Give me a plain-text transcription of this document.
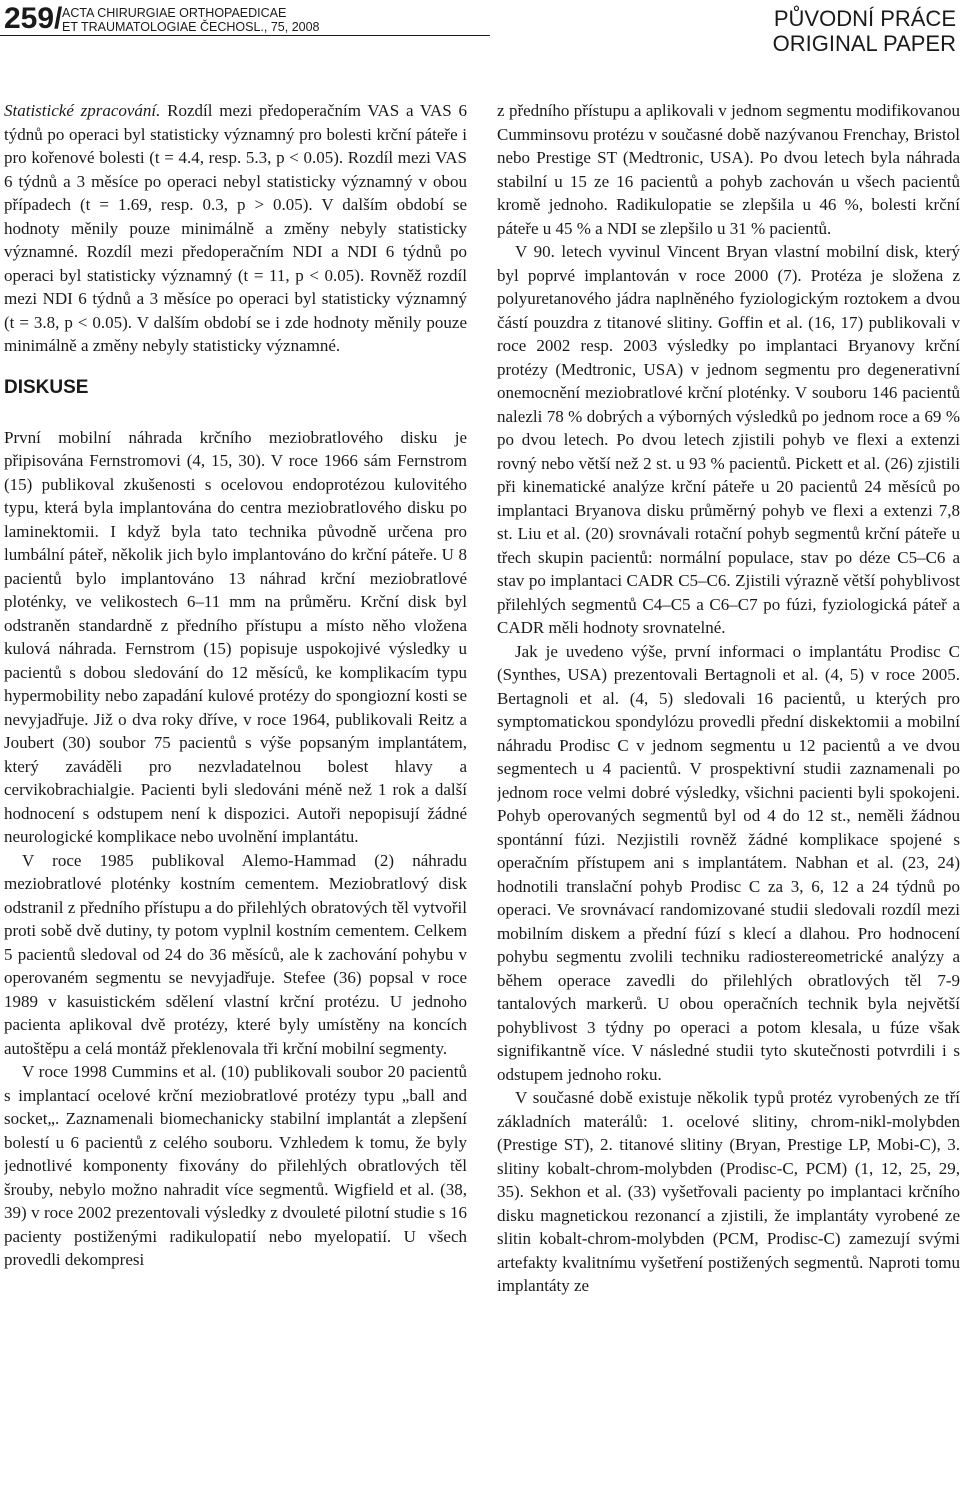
259/ ACTA CHIRURGIAE ORTHOPAEDICAE
ET TRAUMATOLOGIAE ČECHOSL., 75, 2008	PŮVODNÍ PRÁCE
ORIGINAL PAPER

Statistické zpracování. Rozdíl mezi předoperačním VAS a VAS 6 týdnů po operaci byl statisticky významný pro bolesti krční páteře i pro kořenové bolesti (t = 4.4, resp. 5.3, p < 0.05). Rozdíl mezi VAS 6 týdnů a 3 měsíce po operaci nebyl statisticky významný v obou případech (t = 1.69, resp. 0.3, p > 0.05). V dalším období se hodnoty měnily pouze minimálně a změny nebyly statisticky významné. Rozdíl mezi předoperačním NDI a NDI 6 týdnů po operaci byl statisticky významný (t = 11, p < 0.05). Rovněž rozdíl mezi NDI 6 týdnů a 3 měsíce po operaci byl statisticky významný (t = 3.8, p < 0.05). V dalším období se i zde hodnoty měnily pouze minimálně a změny nebyly statisticky významné.

DISKUSE

První mobilní náhrada krčního meziobratlového disku je připisována Fernstromovi (4, 15, 30). V roce 1966 sám Fernstrom (15) publikoval zkušenosti s ocelovou endoprotézou kulovitého typu, která byla implantována do centra meziobratlového disku po laminektomii. I když byla tato technika původně určena pro lumbální páteř, několik jich bylo implantováno do krční páteře. U 8 pacientů bylo implantováno 13 náhrad krční meziobratlové ploténky, ve velikostech 6–11 mm na průměru. Krční disk byl odstraněn standardně z předního přístupu a místo něho vložena kulová náhrada. Fernstrom (15) popisuje uspokojivé výsledky u pacientů s dobou sledování do 12 měsíců, ke komplikacím typu hypermobility nebo zapadání kulové protézy do spongiozní kosti se nevyjadřuje. Již o dva roky dříve, v roce 1964, publikovali Reitz a Joubert (30) soubor 75 pacientů s výše popsaným implantátem, který zaváděli pro nezvladatelnou bolest hlavy a cervikobrachialgie. Pacienti byli sledováni méně než 1 rok a další hodnocení s odstupem není k dispozici. Autoři nepopisují žádné neurologické komplikace nebo uvolnění implantátu.

V roce 1985 publikoval Alemo-Hammad (2) náhradu meziobratlové ploténky kostním cementem. Meziobratlový disk odstranil z předního přístupu a do přilehlých obratových těl vytvořil proti sobě dvě dutiny, ty potom vyplnil kostním cementem. Celkem 5 pacientů sledoval od 24 do 36 měsíců, ale k zachování pohybu v operovaném segmentu se nevyjadřuje. Stefee (36) popsal v roce 1989 v kasuistickém sdělení vlastní krční protézu. U jednoho pacienta aplikoval dvě protézy, které byly umístěny na koncích autoštěpu a celá montáž překlenovala tři krční mobilní segmenty.

V roce 1998 Cummins et al. (10) publikovali soubor 20 pacientů s implantací ocelové krční meziobratlové protézy typu „ball and socket„. Zaznamenali biomechanicky stabilní implantát a zlepšení bolestí u 6 pacientů z celého souboru. Vzhledem k tomu, že byly jednotlivé komponenty fixovány do přilehlých obratlových těl šrouby, nebylo možno nahradit více segmentů. Wigfield et al. (38, 39) v roce 2002 prezentovali výsledky z dvouleté pilotní studie s 16 pacienty postiženými radikulopatií nebo myelopatií. U všech provedli dekompresi

z předního přístupu a aplikovali v jednom segmentu modifikovanou Cumminsovu protézu v současné době nazývanou Frenchay, Bristol nebo Prestige ST (Medtronic, USA). Po dvou letech byla náhrada stabilní u 15 ze 16 pacientů a pohyb zachován u všech pacientů kromě jednoho. Radikulopatie se zlepšila u 46 %, bolesti krční páteře u 45 % a NDI se zlepšilo u 31 % pacientů.

V 90. letech vyvinul Vincent Bryan vlastní mobilní disk, který byl poprvé implantován v roce 2000 (7). Protéza je složena z polyuretanového jádra naplněného fyziologickým roztokem a dvou částí pouzdra z titanové slitiny. Goffin et al. (16, 17) publikovali v roce 2002 resp. 2003 výsledky po implantaci Bryanovy krční protézy (Medtronic, USA) v jednom segmentu pro degenerativní onemocnění meziobratlové krční ploténky. V souboru 146 pacientů nalezli 78 % dobrých a výborných výsledků po jednom roce a 69 % po dvou letech. Po dvou letech zjistili pohyb ve flexi a extenzi rovný nebo větší než 2 st. u 93 % pacientů. Pickett et al. (26) zjistili při kinematické analýze krční páteře u 20 pacientů 24 měsíců po implantaci Bryanova disku průměrný pohyb ve flexi a extenzi 7,8 st. Liu et al. (20) srovnávali rotační pohyb segmentů krční páteře u třech skupin pacientů: normální populace, stav po déze C5–C6 a stav po implantaci CADR C5–C6. Zjistili výrazně větší pohyblivost přilehlých segmentů C4–C5 a C6–C7 po fúzi, fyziologická páteř a CADR měli hodnoty srovnatelné.

Jak je uvedeno výše, první informaci o implantátu Prodisc C (Synthes, USA) prezentovali Bertagnoli et al. (4, 5) v roce 2005. Bertagnoli et al. (4, 5) sledovali 16 pacientů, u kterých pro symptomatickou spondylózu provedli přední diskektomii a mobilní náhradu Prodisc C v jednom segmentu u 12 pacientů a ve dvou segmentech u 4 pacientů. V prospektivní studii zaznamenali po jednom roce velmi dobré výsledky, všichni pacienti byli spokojeni. Pohyb operovaných segmentů byl od 4 do 12 st., neměli žádnou spontánní fúzi. Nezjistili rovněž žádné komplikace spojené s operačním přístupem ani s implantátem. Nabhan et al. (23, 24) hodnotili translační pohyb Prodisc C za 3, 6, 12 a 24 týdnů po operaci. Ve srovnávací randomizované studii sledovali rozdíl mezi mobilním diskem a přední fúzí s klecí a dlahou. Pro hodnocení pohybu segmentu zvolili techniku radiostereometrické analýzy a během operace zavedli do přilehlých obratlových těl 7-9 tantalových markerů. U obou operačních technik byla největší pohyblivost 3 týdny po operaci a potom klesala, u fúze však signifikantně více. V následné studii tyto skutečnosti potvrdili i s odstupem jednoho roku.

V současné době existuje několik typů protéz vyrobených ze tří základních materálů: 1. ocelové slitiny, chrom-nikl-molybden (Prestige ST), 2. titanové slitiny (Bryan, Prestige LP, Mobi-C), 3. slitiny kobalt-chrom-molybden (Prodisc-C, PCM) (1, 12, 25, 29, 35). Sekhon et al. (33) vyšetřovali pacienty po implantaci krčního disku magnetickou rezonancí a zjistili, že implantáty vyrobené ze slitin kobalt-chrom-molybden (PCM, Prodisc-C) zamezují svými artefakty kvalitnímu vyšetření postižených segmentů. Naproti tomu implantáty ze
